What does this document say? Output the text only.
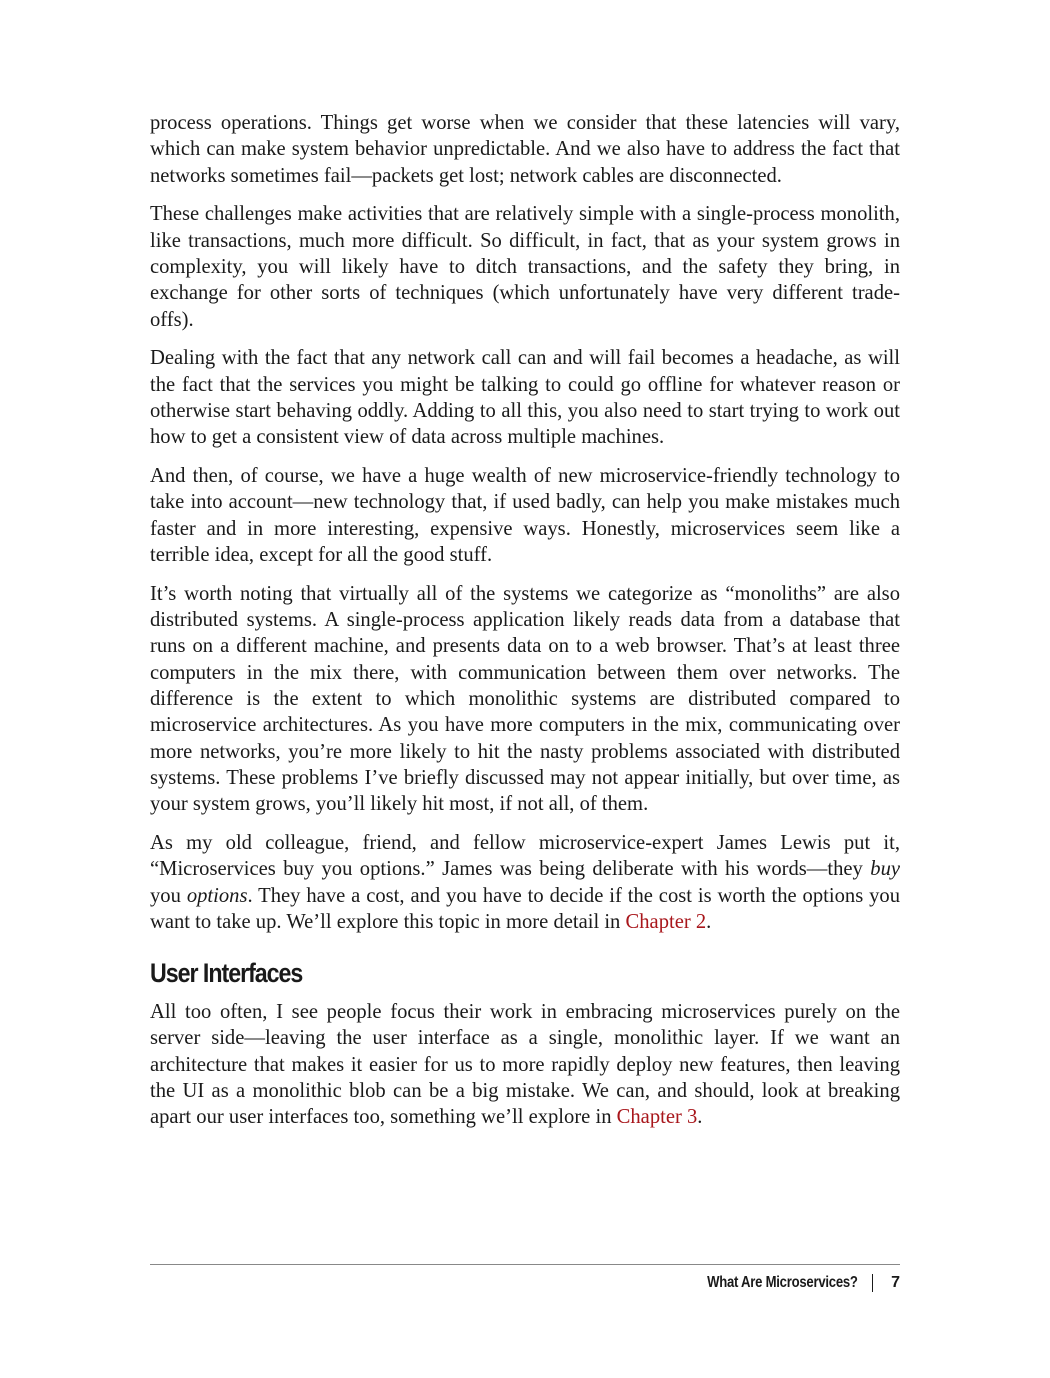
process operations. Things get worse when we consider that these latencies will vary, which can make system behavior unpredictable. And we also have to address the fact that networks sometimes fail—packets get lost; network cables are disconnected.

These challenges make activities that are relatively simple with a single-process monolith, like transactions, much more difficult. So difficult, in fact, that as your system grows in complexity, you will likely have to ditch transactions, and the safety they bring, in exchange for other sorts of techniques (which unfortunately have very different trade-offs).

Dealing with the fact that any network call can and will fail becomes a headache, as will the fact that the services you might be talking to could go offline for whatever reason or otherwise start behaving oddly. Adding to all this, you also need to start trying to work out how to get a consistent view of data across multiple machines.

And then, of course, we have a huge wealth of new microservice-friendly technology to take into account—new technology that, if used badly, can help you make mistakes much faster and in more interesting, expensive ways. Honestly, microservices seem like a terrible idea, except for all the good stuff.

It’s worth noting that virtually all of the systems we categorize as “monoliths” are also distributed systems. A single-process application likely reads data from a database that runs on a different machine, and presents data on to a web browser. That’s at least three computers in the mix there, with communication between them over networks. The difference is the extent to which monolithic systems are distributed compared to microservice architectures. As you have more computers in the mix, communicating over more networks, you’re more likely to hit the nasty problems associated with distributed systems. These problems I’ve briefly discussed may not appear initially, but over time, as your system grows, you’ll likely hit most, if not all, of them.

As my old colleague, friend, and fellow microservice-expert James Lewis put it, “Microservices buy you options.” James was being deliberate with his words—they buy you options. They have a cost, and you have to decide if the cost is worth the options you want to take up. We’ll explore this topic in more detail in Chapter 2.

User Interfaces

All too often, I see people focus their work in embracing microservices purely on the server side—leaving the user interface as a single, monolithic layer. If we want an architecture that makes it easier for us to more rapidly deploy new features, then leaving the UI as a monolithic blob can be a big mistake. We can, and should, look at breaking apart our user interfaces too, something we’ll explore in Chapter 3.

What Are Microservices? 7
